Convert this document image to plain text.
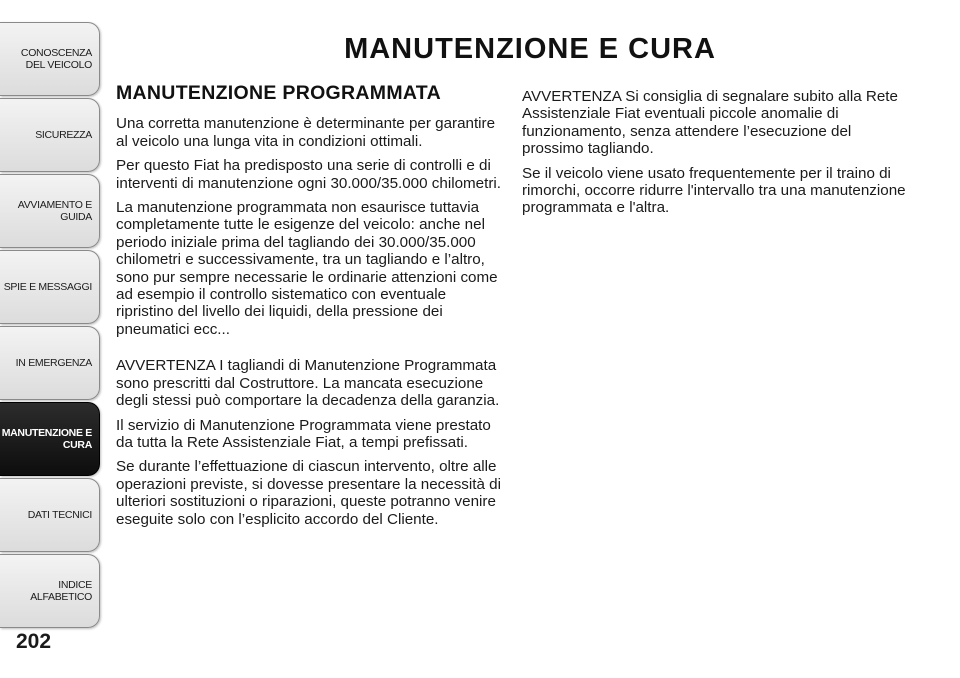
CONOSCENZA DEL VEICOLO
SICUREZZA
AVVIAMENTO E GUIDA
SPIE E MESSAGGI
IN EMERGENZA
MANUTENZIONE E CURA
DATI TECNICI
INDICE ALFABETICO
202
MANUTENZIONE E CURA
MANUTENZIONE PROGRAMMATA

Una corretta manutenzione è determinante per garantire al veicolo una lunga vita in condizioni ottimali.

Per questo Fiat ha predisposto una serie di controlli e di interventi di manutenzione ogni 30.000/35.000 chilometri.

La manutenzione programmata non esaurisce tuttavia completamente tutte le esigenze del veicolo: anche nel periodo iniziale prima del tagliando dei 30.000/35.000 chilometri e successivamente, tra un tagliando e l’altro, sono pur sempre necessarie le ordinarie attenzioni come ad esempio il controllo sistematico con eventuale ripristino del livello dei liquidi, della pressione dei pneumatici ecc...

AVVERTENZA I tagliandi di Manutenzione Programmata sono prescritti dal Costruttore. La mancata esecuzione degli stessi può comportare la decadenza della garanzia.

Il servizio di Manutenzione Programmata viene prestato da tutta la Rete Assistenziale Fiat, a tempi prefissati.

Se durante l’effettuazione di ciascun intervento, oltre alle operazioni previste, si dovesse presentare la necessità di ulteriori sostituzioni o riparazioni, queste potranno venire eseguite solo con l’esplicito accordo del Cliente.

AVVERTENZA Si consiglia di segnalare subito alla Rete Assistenziale Fiat eventuali piccole anomalie di funzionamento, senza attendere l’esecuzione del prossimo tagliando.

Se il veicolo viene usato frequentemente per il traino di rimorchi, occorre ridurre l'intervallo tra una manutenzione programmata e l'altra.
